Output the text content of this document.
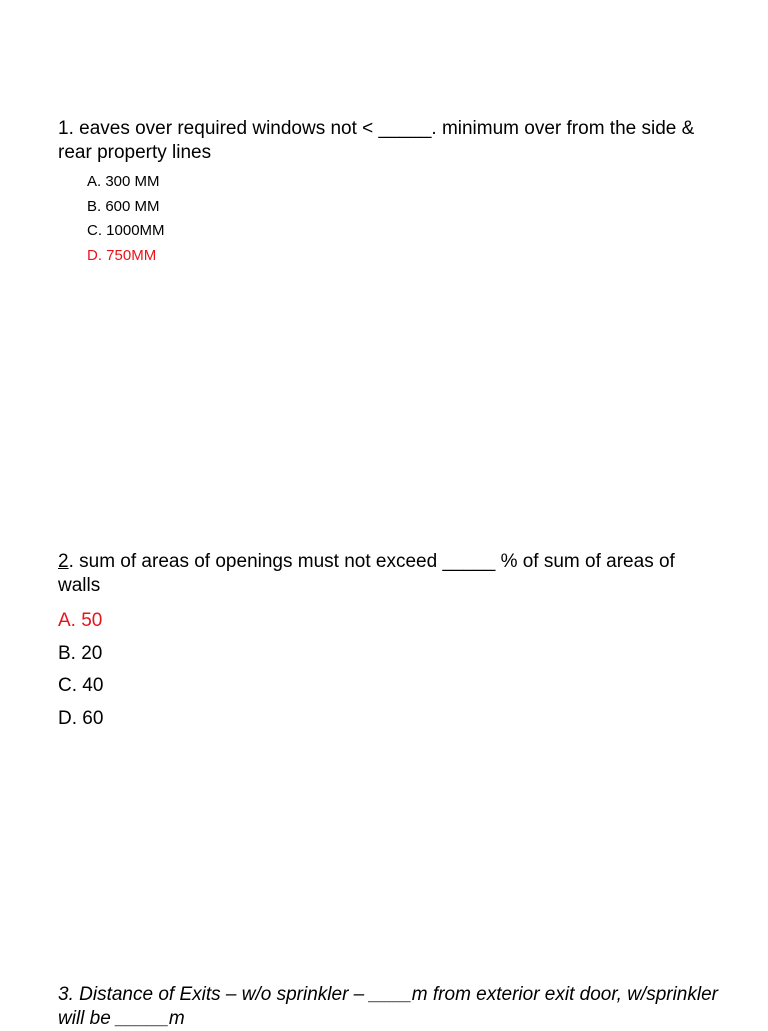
1. eaves over required windows not < _____. minimum over from the side & rear property lines

A. 300 MM
B. 600 MM
C. 1000MM
D. 750MM

2. sum of areas of openings must not exceed _____ % of sum of areas of walls

A. 50
B. 20
C. 40
D. 60

3. Distance of Exits – w/o sprinkler – ____m from exterior exit door, w/sprinkler will be _____m
